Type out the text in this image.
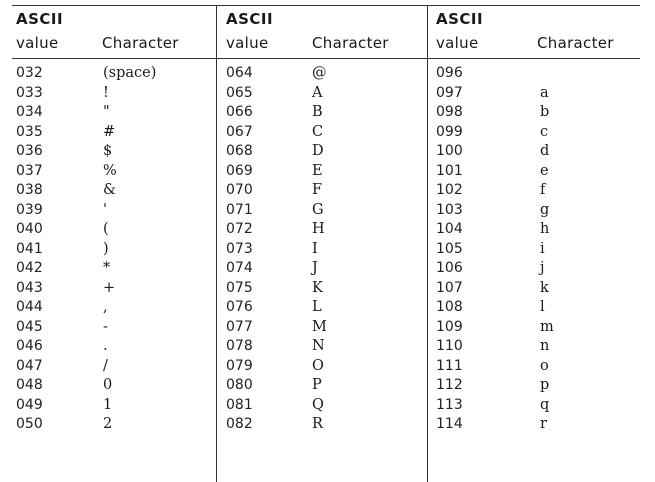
ASCII
value	Character
032	(space)
033	!
034	"
035	#
036	$
037	%
038	&
039	'
040	(
041	)
042	*
043	+
044	,
045	-
046	.
047	/
048	0
049	1
050	2
ASCII
value	Character
064	@
065	A
066	B
067	C
068	D
069	E
070	F
071	G
072	H
073	I
074	J
075	K
076	L
077	M
078	N
079	O
080	P
081	Q
082	R
ASCII
value	Character
096
097	a
098	b
099	c
100	d
101	e
102	f
103	g
104	h
105	i
106	j
107	k
108	l
109	m
110	n
111	o
112	p
113	q
114	r
